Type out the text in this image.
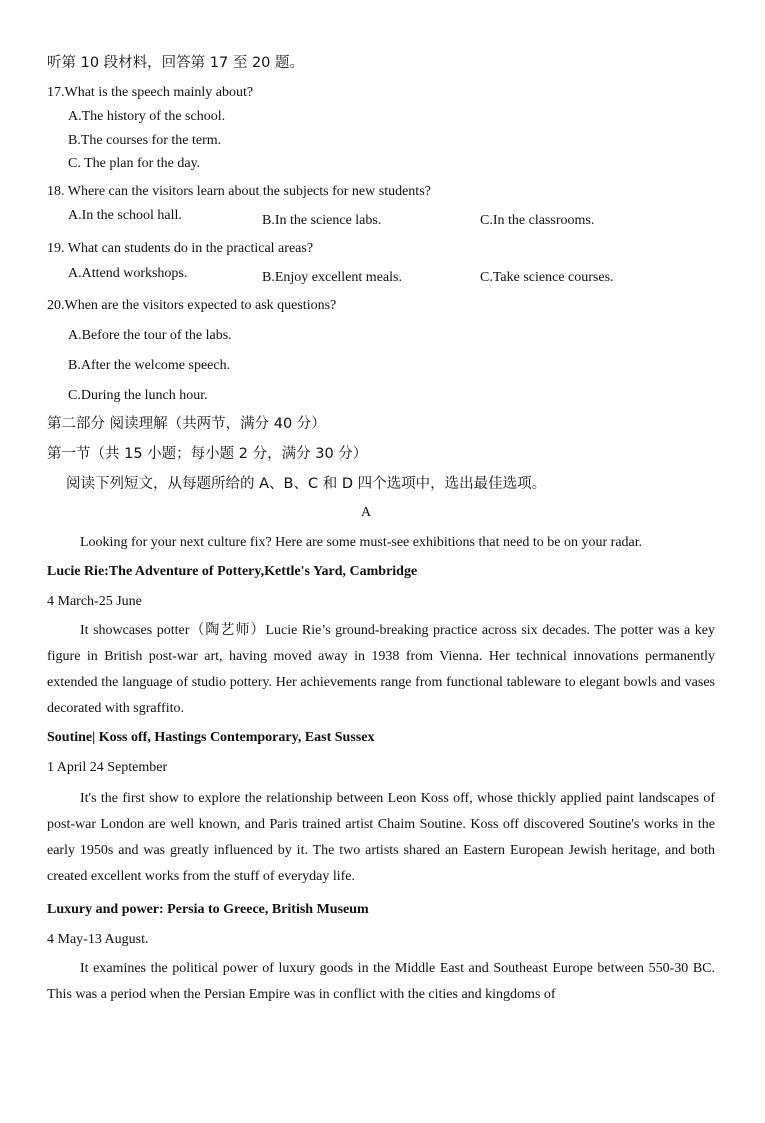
听第 10 段材料，回答第 17 至 20 题。
17.What is the speech mainly about?
A.The history of the school.
B.The courses for the term.
C. The plan for the day.
18. Where can the visitors learn about the subjects for new students?
A.In the school hall.	B.In the science labs.	C.In the classrooms.
19. What can students do in the practical areas?
A.Attend workshops.	B.Enjoy excellent meals.	C.Take science courses.
20.When are the visitors expected to ask questions?
A.Before the tour of the labs.
B.After the welcome speech.
C.During the lunch hour.
第二部分 阅读理解（共两节，满分 40 分）
第一节（共 15 小题；每小题 2 分，满分 30 分）
阅读下列短文，从每题所给的 A、B、C 和 D 四个选项中，选出最佳选项。
A
Looking for your next culture fix? Here are some must-see exhibitions that need to be on your radar.
Lucie Rie:The Adventure of Pottery,Kettle's Yard, Cambridge
4 March-25 June

It showcases potter（陶艺师）Lucie Rie’s ground-breaking practice across six decades. The potter was a key figure in British post-war art, having moved away in 1938 from Vienna. Her technical innovations permanently extended the language of studio pottery. Her achievements range from functional tableware to elegant bowls and vases decorated with sgraffito.

Soutine| Koss off, Hastings Contemporary, East Sussex
1 April 24 September

It's the first show to explore the relationship between Leon Koss off, whose thickly applied paint landscapes of post-war London are well known, and Paris trained artist Chaim Soutine. Koss off discovered Soutine's works in the early 1950s and was greatly influenced by it. The two artists shared an Eastern European Jewish heritage, and both created excellent works from the stuff of everyday life.

Luxury and power: Persia to Greece, British Museum
4 May-13 August.

It examines the political power of luxury goods in the Middle East and Southeast Europe between 550-30 BC. This was a period when the Persian Empire was in conflict with the cities and kingdoms of
